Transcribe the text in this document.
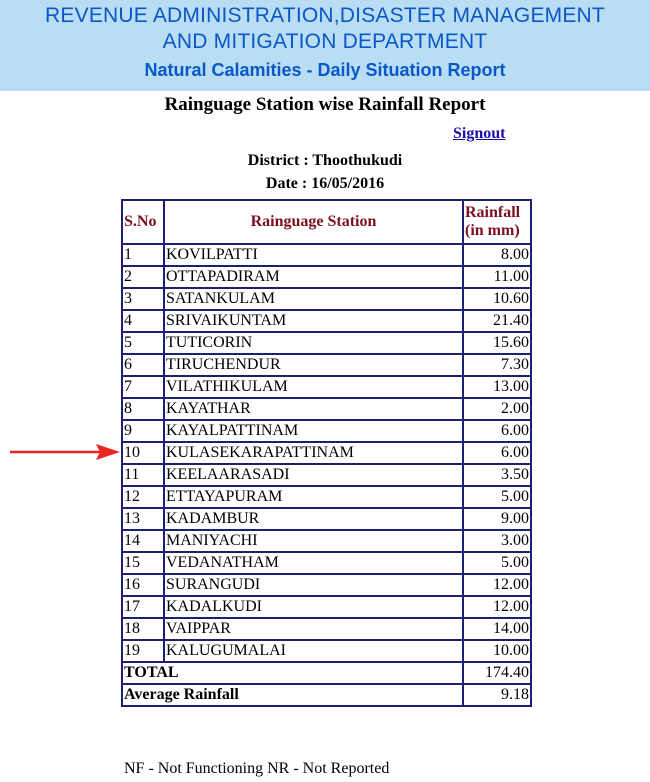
REVENUE ADMINISTRATION,DISASTER MANAGEMENT
AND MITIGATION DEPARTMENT
Natural Calamities - Daily Situation Report
Rainguage Station wise Rainfall Report
Signout
District : Thoothukudi
Date : 16/05/2016
S.No	Rainguage Station	Rainfall
(in mm)
1	KOVILPATTI	8.00
2	OTTAPADIRAM	11.00
3	SATANKULAM	10.60
4	SRIVAIKUNTAM	21.40
5	TUTICORIN	15.60
6	TIRUCHENDUR	7.30
7	VILATHIKULAM	13.00
8	KAYATHAR	2.00
9	KAYALPATTINAM	6.00
10	KULASEKARAPATTINAM	6.00
11	KEELAARASADI	3.50
12	ETTAYAPURAM	5.00
13	KADAMBUR	9.00
14	MANIYACHI	3.00
15	VEDANATHAM	5.00
16	SURANGUDI	12.00
17	KADALKUDI	12.00
18	VAIPPAR	14.00
19	KALUGUMALAI	10.00
TOTAL		174.40
Average Rainfall		9.18
NF - Not Functioning NR - Not Reported
